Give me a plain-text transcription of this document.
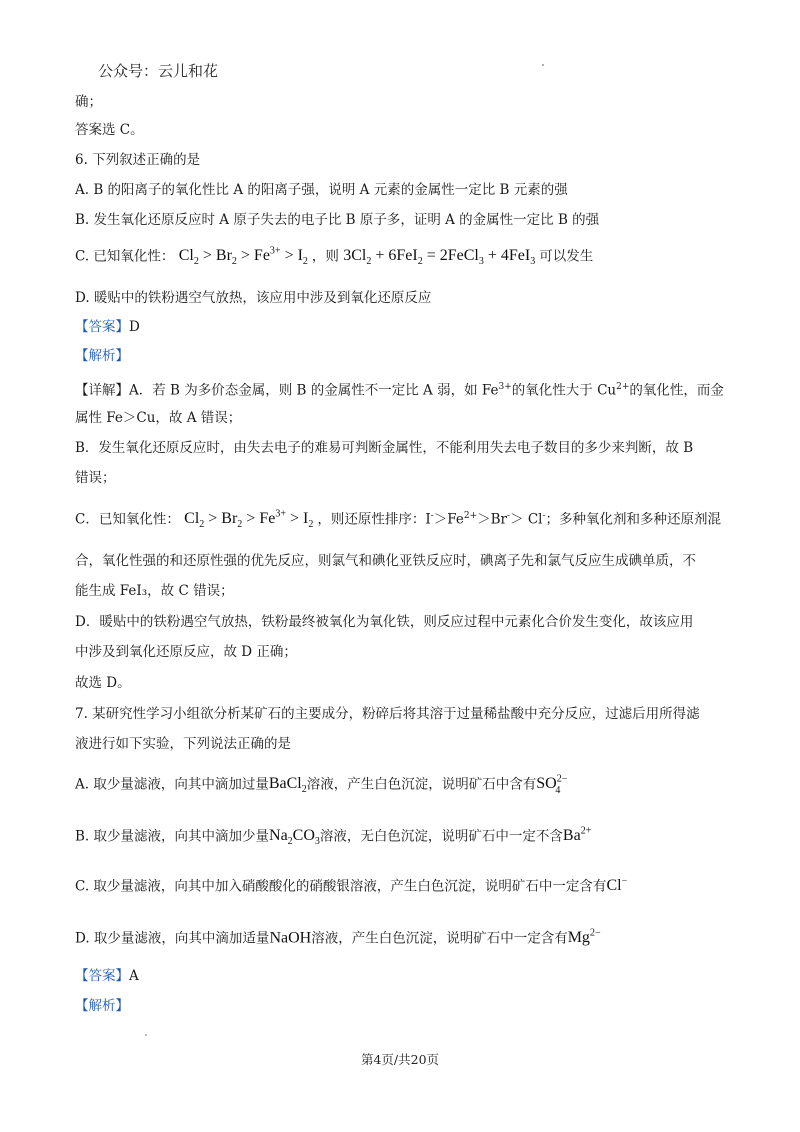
公众号：云儿和花
确；
答案选 C。
6. 下列叙述正确的是
A. B 的阳离子的氧化性比 A 的阳离子强，说明 A 元素的金属性一定比 B 元素的强
B. 发生氧化还原反应时 A 原子失去的电子比 B 原子多，证明 A 的金属性一定比 B 的强
C. 已知氧化性： $Cl_2 > Br_2 > Fe^{3+} > I_2$ ，则 $3Cl_2 + 6FeI_2$ = 2FeCl$_3$ + 4FeI$_3$ 可以发生
D. 暖贴中的铁粉遇空气放热，该应用中涉及到氧化还原反应
【答案】D
【解析】
【详解】A．若 B 为多价态金属，则 B 的金属性不一定比 A 弱，如 $Fe^{3+}$的氧化性大于 $Cu^{2+}$的氧化性，而金
属性 Fe＞Cu，故 A 错误；
B．发生氧化还原反应时，由失去电子的难易可判断金属性，不能利用失去电子数目的多少来判断，故 B
错误；
C．已知氧化性： $Cl_2 > Br_2 > Fe^{3+} > I_2$ ，则还原性排序：$I^->Fe^{2+}>Br^-> Cl^-$；多种氧化剂和多种还原剂混
合，氧化性强的和还原性强的优先反应，则氯气和碘化亚铁反应时，碘离子先和氯气反应生成碘单质，不
能生成 FeI₃，故 C 错误；
D．暖贴中的铁粉遇空气放热，铁粉最终被氧化为氧化铁，则反应过程中元素化合价发生变化，故该应用
中涉及到氧化还原反应，故 D 正确；
故选 D。
7. 某研究性学习小组欲分析某矿石的主要成分，粉碎后将其溶于过量稀盐酸中充分反应，过滤后用所得滤
液进行如下实验，下列说法正确的是
A. 取少量滤液，向其中滴加过量BaCl$_2$溶液，产生白色沉淀，说明矿石中含有$SO^{2-}_4$
B. 取少量滤液，向其中滴加少量$Na_2CO_3$溶液，无白色沉淀，说明矿石中一定不含$Ba^{2+}$
C. 取少量滤液，向其中加入硝酸酸化的硝酸银溶液，产生白色沉淀，说明矿石中一定含有Cl−
D. 取少量滤液，向其中滴加适量NaOH溶液，产生白色沉淀，说明矿石中一定含有$Mg^{2-}$
【答案】A
【解析】
第4页/共20页
